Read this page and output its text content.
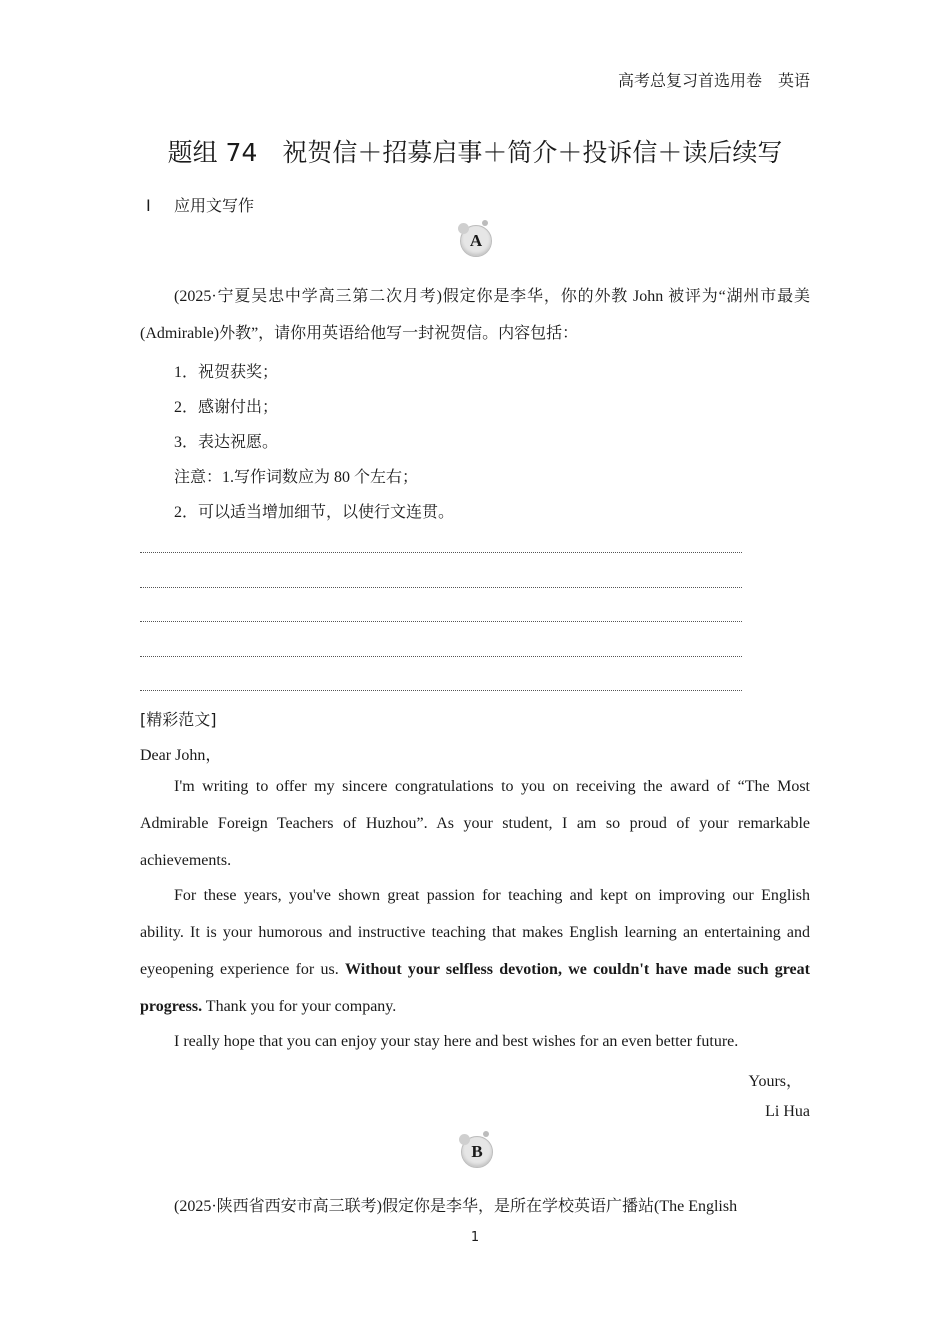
高考总复习首选用卷    英语
题组 74　祝贺信＋招募启事＋简介＋投诉信＋读后续写
Ⅰ 应用文写作
A
(2025·宁夏吴忠中学高三第二次月考)假定你是李华，你的外教 John 被评为“湖州市最美(Admirable)外教”，请你用英语给他写一封祝贺信。内容包括：
1．祝贺获奖；
2．感谢付出；
3．表达祝愿。
注意：1.写作词数应为 80 个左右；
2．可以适当增加细节，以使行文连贯。
[精彩范文]
Dear John，
I'm writing to offer my sincere congratulations to you on receiving the award of “The Most Admirable Foreign Teachers of Huzhou”. As your student, I am so proud of your remarkable achievements.
For these years, you've shown great passion for teaching and kept on improving our English ability. It is your humorous and instructive teaching that makes English learning an entertaining and eyeopening experience for us. Without your selfless devotion, we couldn't have made such great progress. Thank you for your company.
I really hope that you can enjoy your stay here and best wishes for an even better future.
Yours，
Li Hua
B
(2025·陕西省西安市高三联考)假定你是李华，是所在学校英语广播站(The English
1
